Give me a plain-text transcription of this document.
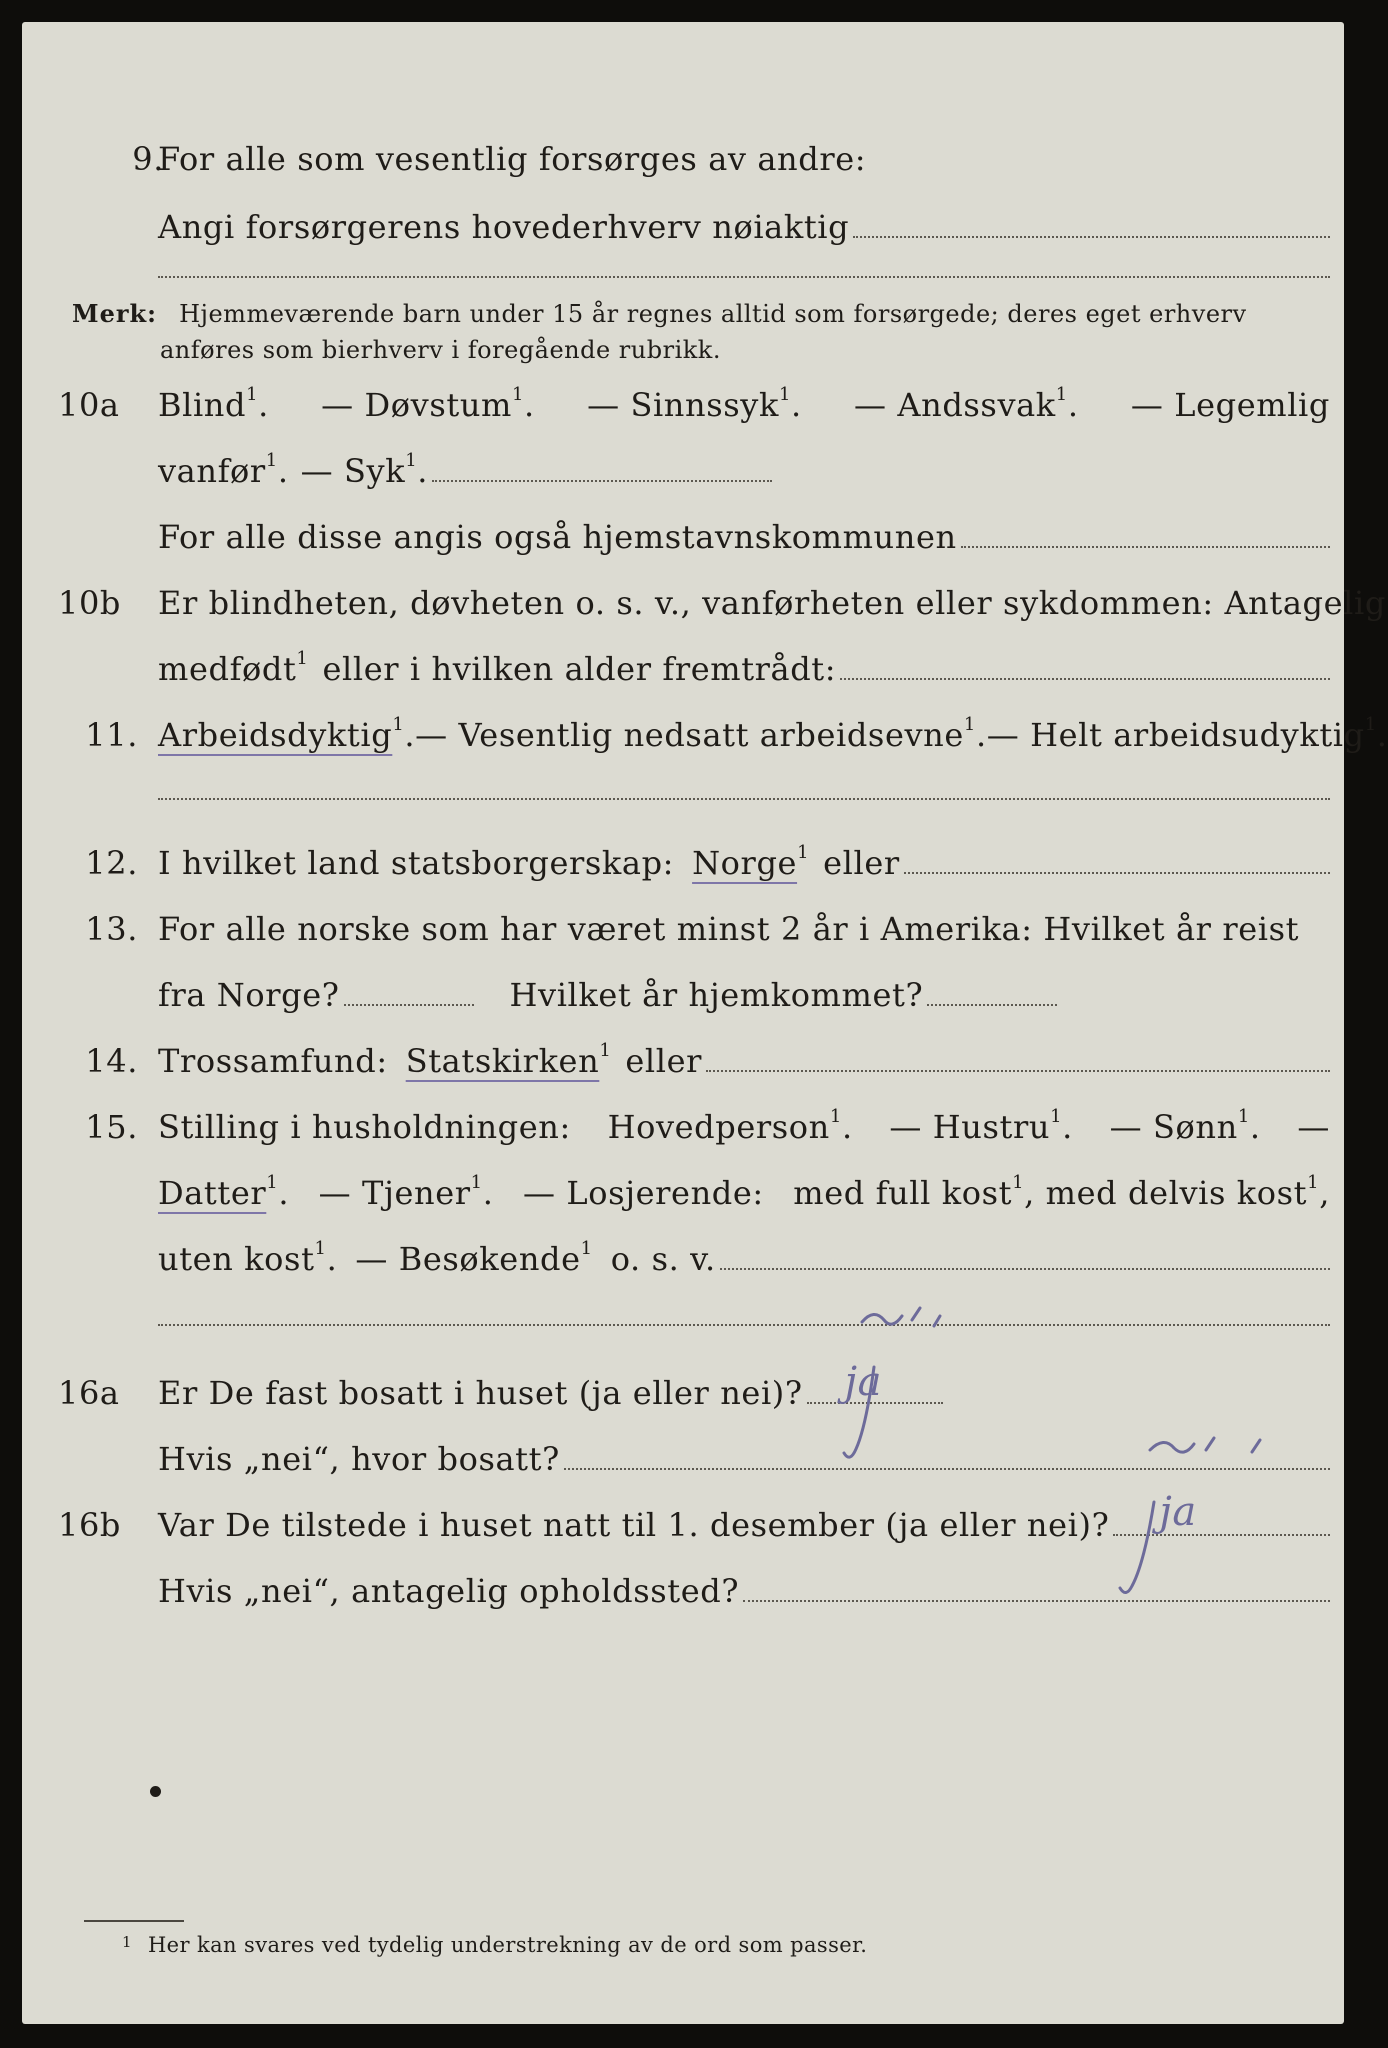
9.
For alle som vesentlig forsørges av andre:
Angi forsørgerens hovederhverv nøiaktig
Merk: Hjemmeværende barn under 15 år regnes alltid som forsørgede; deres eget erhverv
anføres som bierhverv i foregående rubrikk.
10a Blind$^1$. — Døvstum$^1$. — Sinnssyk$^1$. — Andssvak$^1$. — Legemlig
vanfør$^1$. — Syk$^1$.
For alle disse angis også hjemstavnskommunen
10b Er blindheten, døvheten o. s. v., vanførheten eller sykdommen: Antagelig
medfødt$^1$ eller i hvilken alder fremtrådt:
11. Arbeidsdyktig$^1$. — Vesentlig nedsatt arbeidsevne$^1$. — Helt arbeidsudyktig$^1$.
12. I hvilket land statsborgerskap: Norge$^1$ eller
13. For alle norske som har været minst 2 år i Amerika: Hvilket år reist
fra Norge?	Hvilket år hjemkommet?
14. Trossamfund: Statskirken$^1$ eller
15. Stilling i husholdningen: Hovedperson$^1$. — Hustru$^1$. — Sønn$^1$. —
Datter$^1$. — Tjener$^1$. — Losjerende: med full kost$^1$, med delvis kost$^1$,
uten kost$^1$. — Besøkende$^1$ o. s. v.
16a Er De fast bosatt i huset (ja eller nei)? ja
Hvis „nei“, hvor bosatt?
16b Var De tilstede i huset natt til 1. desember (ja eller nei)? ja
Hvis „nei“, antagelig opholdssted?
$^1$ Her kan svares ved tydelig understrekning av de ord som passer.
